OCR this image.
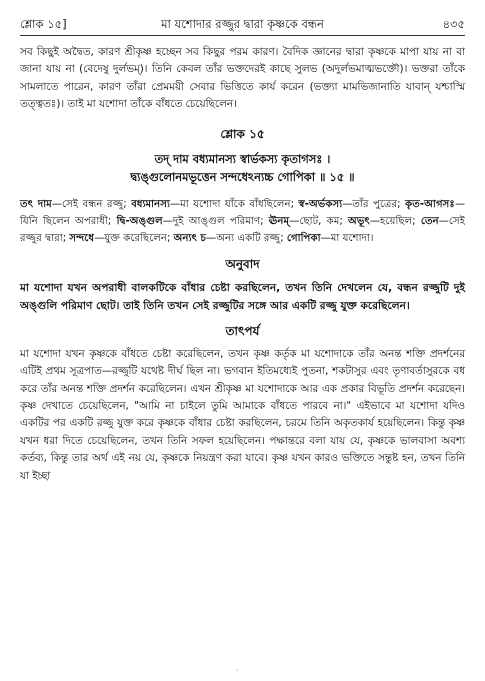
শ্লোক ১৫]	মা যশোদার রজ্জুর দ্বারা কৃষ্ণকে বন্ধন	৪৩৫

সব কিছুই অদ্বৈত, কারণ শ্রীকৃষ্ণ হচ্ছেন সব কিছুর পরম কারণ। বৈদিক জ্ঞানের দ্বারা কৃষ্ণকে মাপা যায় না বা জানা যায় না (বেদেষু দুর্লভম্)। তিনি কেবল তাঁর ভক্তদেরই কাছে সুলভ (অদুর্লভমাত্মভক্তৌ)। ভক্তরা তাঁকে সামলাতে পারেন, কারণ তাঁরা প্রেমময়ী সেবার ভিত্তিতে কার্য করেন (ভক্ত্যা মামভিজানাতি যাবান্ যশ্চাস্মি তত্ত্বতঃ)। তাই মা যশোদা তাঁকে বাঁধতে চেয়েছিলেন।

শ্লোক ১৫

তদ্ দাম বধ্যমানস্য স্বার্ভকস্য কৃতাগসঃ ।

দ্ব্যঙ্গুলোনমভূত্তেন সন্দধেঽন্যচ্চ গোপিকা ॥ ১৫ ॥

তৎ দাম—সেই বন্ধন রজ্জু; বধ্যমানস্য—মা যশোদা যাঁকে বাঁধছিলেন; স্ব-অর্ভকস্য—তাঁর পুত্রের; কৃত-আগসঃ—যিনি ছিলেন অপরাধী; দ্বি-অঙ্গুল—দুই আঙ্গুল পরিমাণ; ঊনম্—ছোট, কম; অভূৎ—হয়েছিল; তেন—সেই রজ্জুর দ্বারা; সন্দধে—যুক্ত করেছিলেন; অন্যৎ চ—অন্য একটি রজ্জু; গোপিকা—মা যশোদা।

অনুবাদ

মা যশোদা যখন অপরাধী বালকটিকে বাঁধার চেষ্টা করছিলেন, তখন তিনি দেখলেন যে, বন্ধন রজ্জুটি দুই অঙ্গুলি পরিমাণ ছোট। তাই তিনি তখন সেই রজ্জুটির সঙ্গে আর একটি রজ্জু যুক্ত করেছিলেন।

তাৎপর্য

মা যশোদা যখন কৃষ্ণকে বাঁধতে চেষ্টা করেছিলেন, তখন কৃষ্ণ কর্তৃক মা যশোদাকে তাঁর অনন্ত শক্তি প্রদর্শনের এটিই প্রথম সূত্রপাত—রজ্জুটি যথেষ্ট দীর্ঘ ছিল না। ভগবান ইতিমধ্যেই পুতনা, শকটাসুর এবং তৃণাবর্তাসুরকে বধ করে তাঁর অনন্ত শক্তি প্রদর্শন করেছিলেন। এখন শ্রীকৃষ্ণ মা যশোদাকে আর এক প্রকার বিভূতি প্রদর্শন করেছেন। কৃষ্ণ দেখাতে চেয়েছিলেন, "আমি না চাইলে তুমি আমাকে বাঁধতে পারবে না।" এইভাবে মা যশোদা যদিও একটির পর একটি রজ্জু যুক্ত করে কৃষ্ণকে বাঁধার চেষ্টা করছিলেন, চরমে তিনি অকৃতকার্য হয়েছিলেন। কিন্তু কৃষ্ণ যখন ধরা দিতে চেয়েছিলেন, তখন তিনি সফল হয়েছিলেন। পক্ষান্তরে বলা যায় যে, কৃষ্ণকে ভালবাসা অবশ্য কর্তব্য, কিন্তু তার অর্থ এই নয় যে, কৃষ্ণকে নিয়ন্ত্রণ করা যাবে। কৃষ্ণ যখন কারও ভক্তিতে সন্তুষ্ট হন, তখন তিনি যা ইচ্ছা

'
